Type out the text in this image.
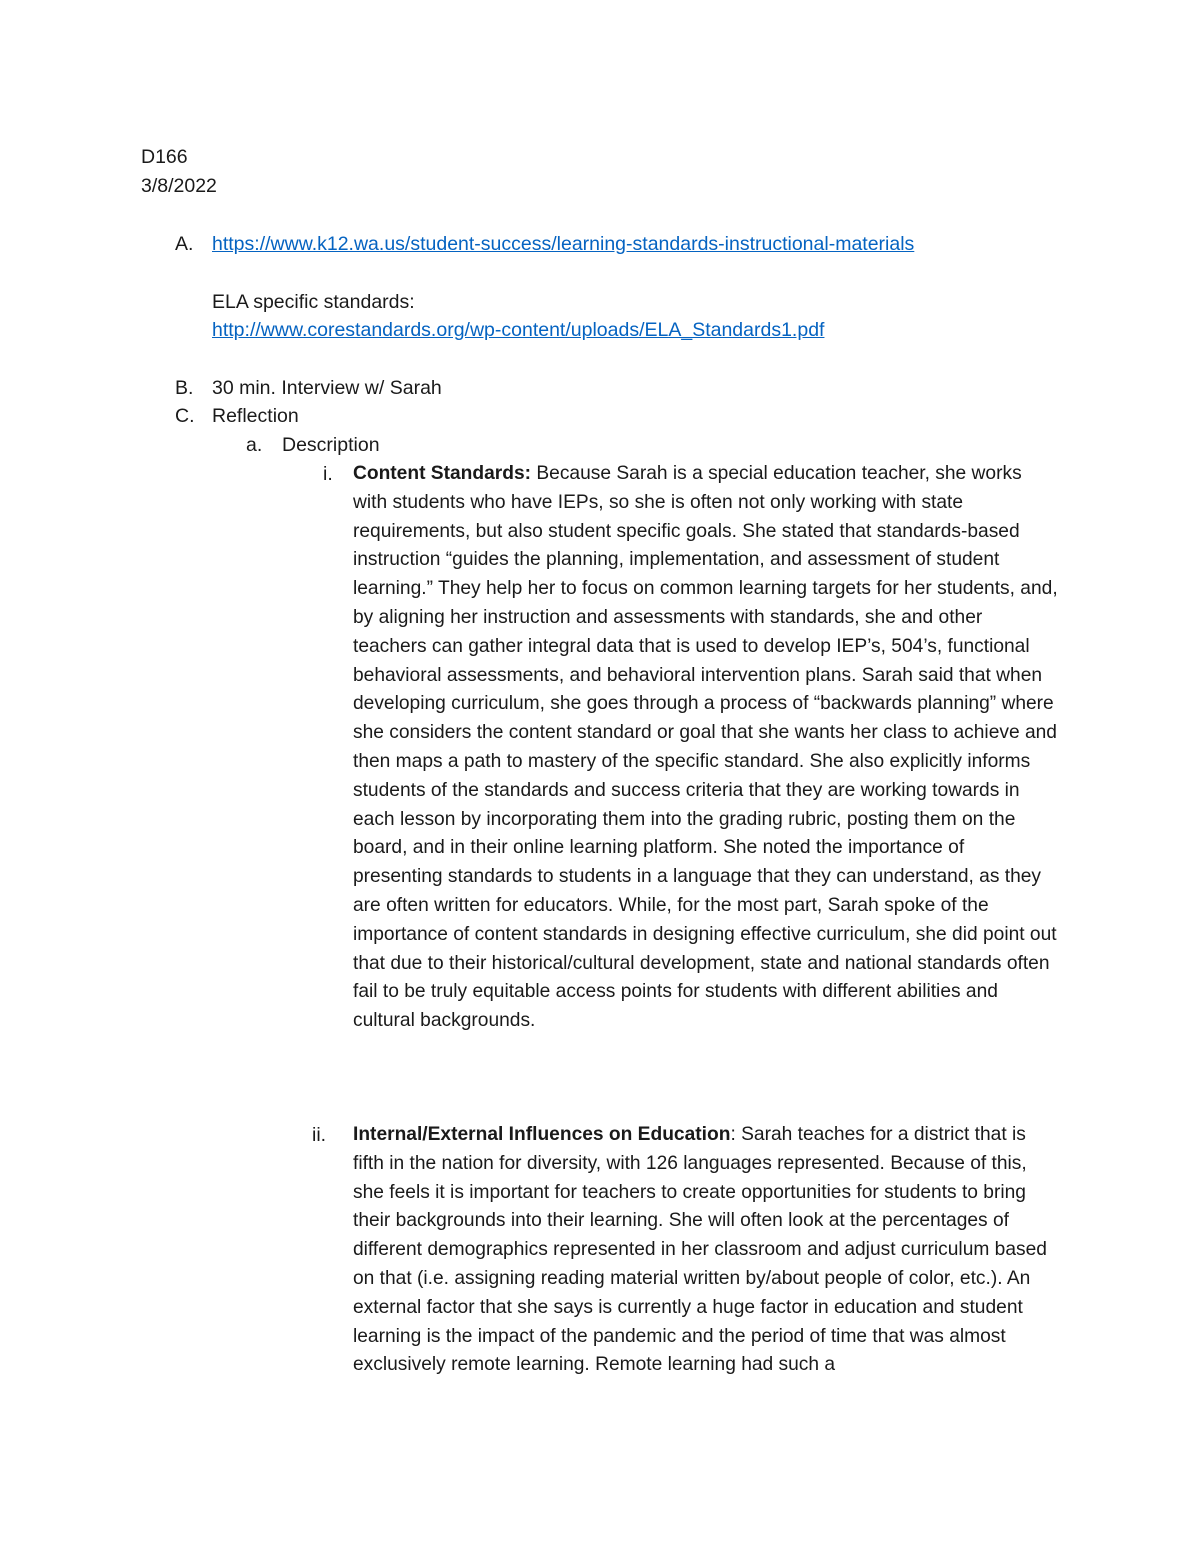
D166
3/8/2022
A. https://www.k12.wa.us/student-success/learning-standards-instructional-materials
ELA specific standards:
http://www.corestandards.org/wp-content/uploads/ELA_Standards1.pdf
B. 30 min. Interview w/ Sarah
C. Reflection
a. Description
i. Content Standards: Because Sarah is a special education teacher, she works with students who have IEPs, so she is often not only working with state requirements, but also student specific goals. She stated that standards-based instruction “guides the planning, implementation, and assessment of student learning.” They help her to focus on common learning targets for her students, and, by aligning her instruction and assessments with standards, she and other teachers can gather integral data that is used to develop IEP’s, 504’s, functional behavioral assessments, and behavioral intervention plans. Sarah said that when developing curriculum, she goes through a process of “backwards planning” where she considers the content standard or goal that she wants her class to achieve and then maps a path to mastery of the specific standard. She also explicitly informs students of the standards and success criteria that they are working towards in each lesson by incorporating them into the grading rubric, posting them on the board, and in their online learning platform. She noted the importance of presenting standards to students in a language that they can understand, as they are often written for educators. While, for the most part, Sarah spoke of the importance of content standards in designing effective curriculum, she did point out that due to their historical/cultural development, state and national standards often fail to be truly equitable access points for students with different abilities and cultural backgrounds.
ii. Internal/External Influences on Education: Sarah teaches for a district that is fifth in the nation for diversity, with 126 languages represented. Because of this, she feels it is important for teachers to create opportunities for students to bring their backgrounds into their learning. She will often look at the percentages of different demographics represented in her classroom and adjust curriculum based on that (i.e. assigning reading material written by/about people of color, etc.). An external factor that she says is currently a huge factor in education and student learning is the impact of the pandemic and the period of time that was almost exclusively remote learning. Remote learning had such a
